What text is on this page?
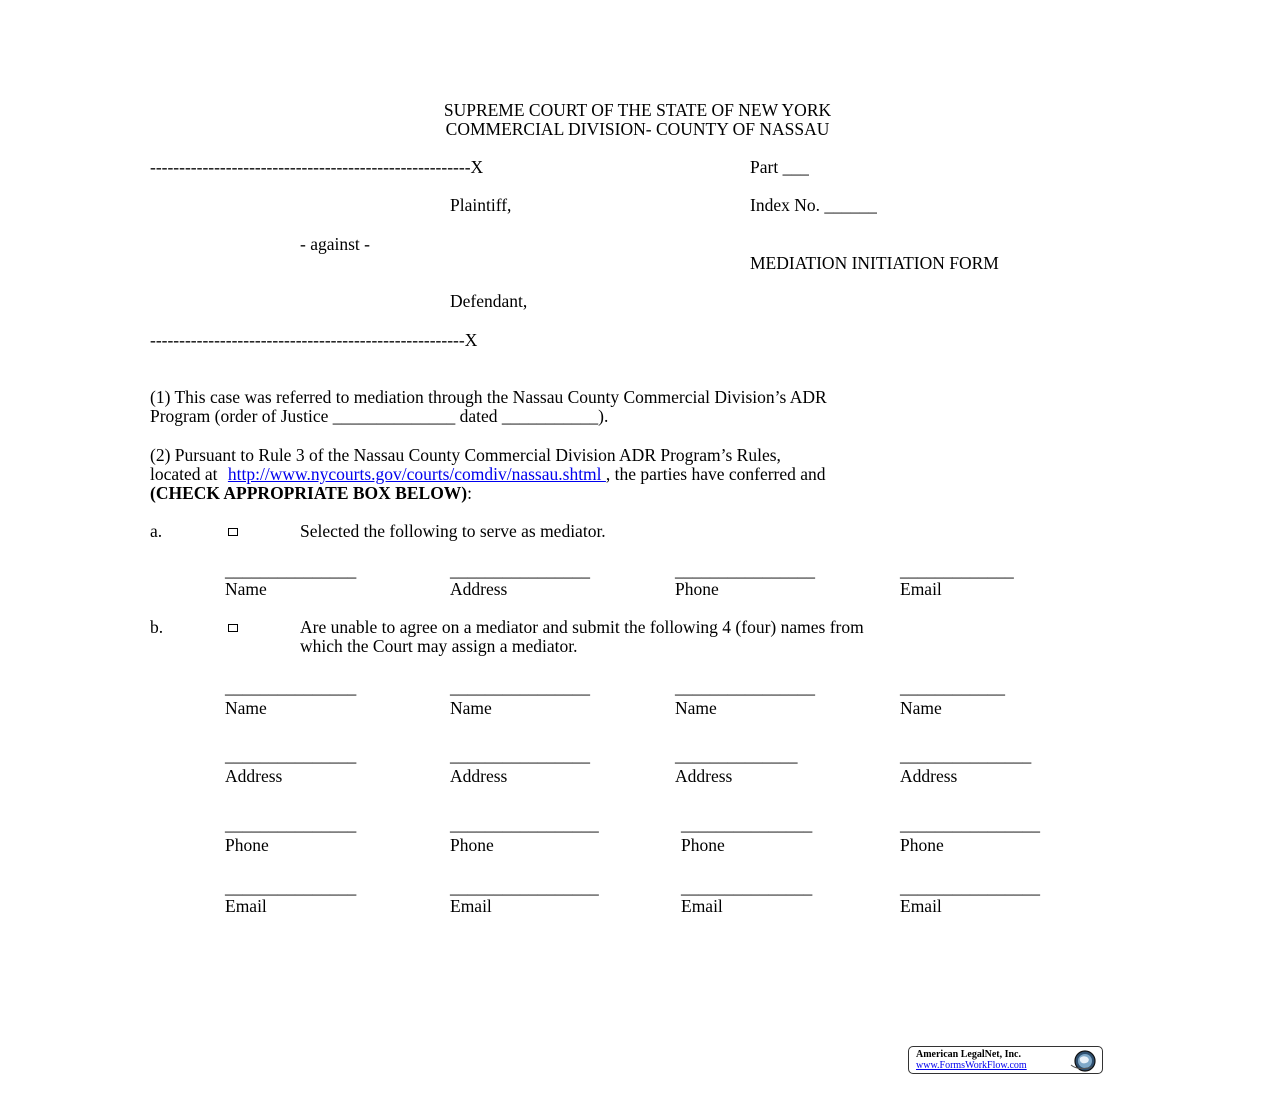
SUPREME COURT OF THE STATE OF NEW YORK
COMMERCIAL DIVISION- COUNTY OF NASSAU
-------------------------------------------------------X	Part ___
Plaintiff,	Index No. ______
- against -
MEDIATION INITIATION FORM
Defendant,
------------------------------------------------------X
(1) This case was referred to mediation through the Nassau County Commercial Division’s ADR
Program (order of Justice ______________ dated ___________).
(2) Pursuant to Rule 3 of the Nassau County Commercial Division ADR Program’s Rules,
located at http://www.nycourts.gov/courts/comdiv/nassau.shtml , the parties have conferred and
(CHECK APPROPRIATE BOX BELOW):
a.	Selected the following to serve as mediator.
_______________	________________	________________	_____________
Name	Address	Phone	Email
b.	Are unable to agree on a mediator and submit the following 4 (four) names from
which the Court may assign a mediator.
_______________	________________	________________	____________
Name	Name	Name	Name
_______________	________________	______________	_______________
Address	Address	Address	Address
_______________	_________________	_______________	________________
Phone	Phone	Phone	Phone
_______________	_________________	_______________	________________
Email	Email	Email	Email
American LegalNet, Inc.
www.FormsWorkFlow.com
